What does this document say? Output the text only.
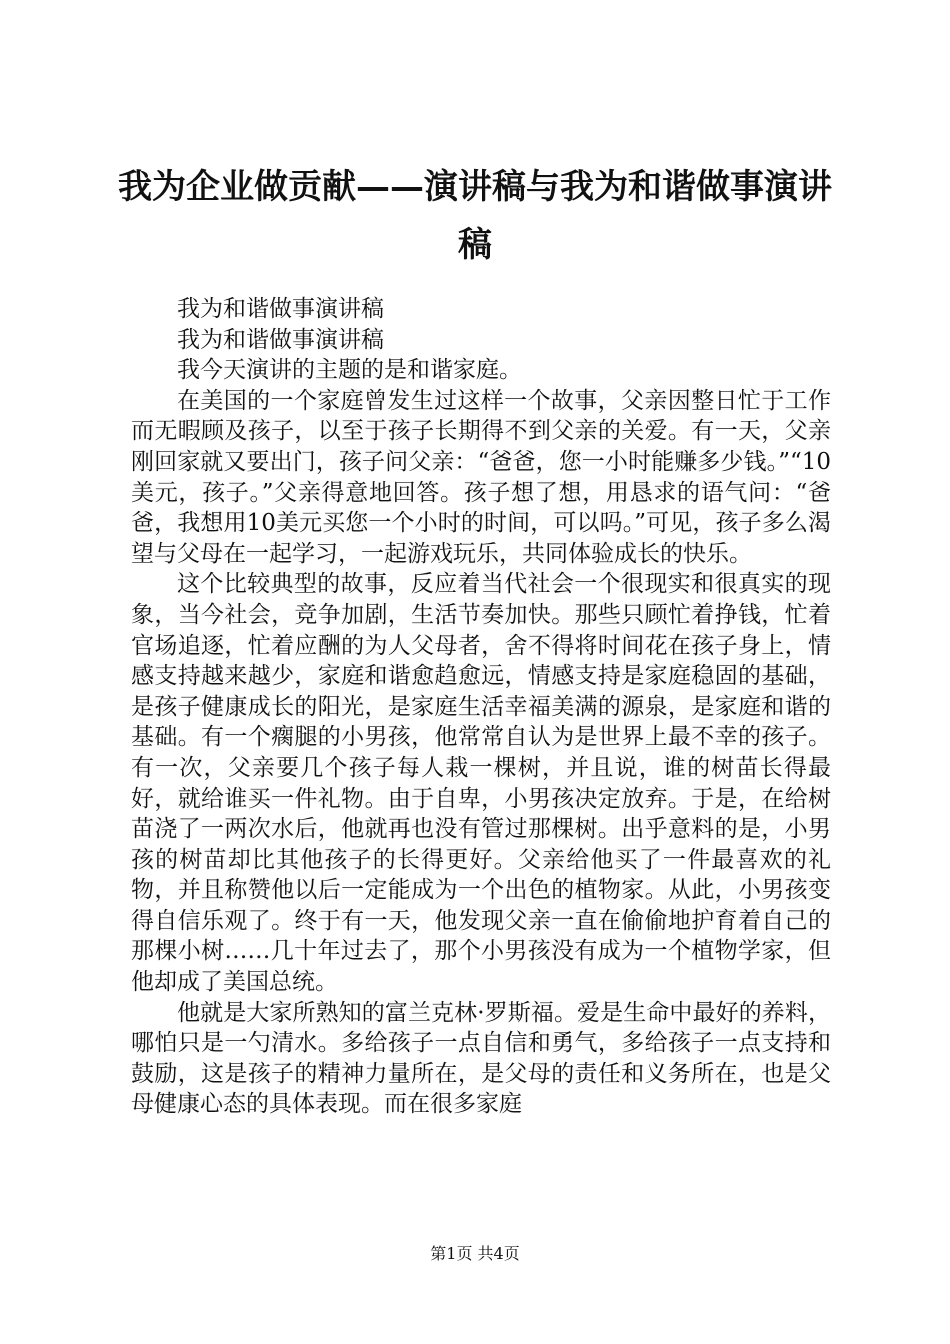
我为企业做贡献——演讲稿与我为和谐做事演讲稿

我为和谐做事演讲稿

我为和谐做事演讲稿

我今天演讲的主题的是和谐家庭。

在美国的一个家庭曾发生过这样一个故事，父亲因整日忙于工作而无暇顾及孩子，以至于孩子长期得不到父亲的关爱。有一天，父亲刚回家就又要出门，孩子问父亲：“爸爸，您一小时能赚多少钱。”“10美元，孩子。”父亲得意地回答。孩子想了想，用恳求的语气问：“爸爸，我想用10美元买您一个小时的时间，可以吗。”可见，孩子多么渴望与父母在一起学习，一起游戏玩乐，共同体验成长的快乐。

这个比较典型的故事，反应着当代社会一个很现实和很真实的现象，当今社会，竞争加剧，生活节奏加快。那些只顾忙着挣钱，忙着官场追逐，忙着应酬的为人父母者，舍不得将时间花在孩子身上，情感支持越来越少，家庭和谐愈趋愈远，情感支持是家庭稳固的基础，是孩子健康成长的阳光，是家庭生活幸福美满的源泉，是家庭和谐的基础。有一个瘸腿的小男孩，他常常自认为是世界上最不幸的孩子。有一次，父亲要几个孩子每人栽一棵树，并且说，谁的树苗长得最好，就给谁买一件礼物。由于自卑，小男孩决定放弃。于是，在给树苗浇了一两次水后，他就再也没有管过那棵树。出乎意料的是，小男孩的树苗却比其他孩子的长得更好。父亲给他买了一件最喜欢的礼物，并且称赞他以后一定能成为一个出色的植物家。从此，小男孩变得自信乐观了。终于有一天，他发现父亲一直在偷偷地护育着自己的那棵小树……几十年过去了，那个小男孩没有成为一个植物学家，但他却成了美国总统。

他就是大家所熟知的富兰克林·罗斯福。爱是生命中最好的养料，哪怕只是一勺清水。多给孩子一点自信和勇气，多给孩子一点支持和鼓励，这是孩子的精神力量所在，是父母的责任和义务所在，也是父母健康心态的具体表现。而在很多家庭

第1页 共4页
